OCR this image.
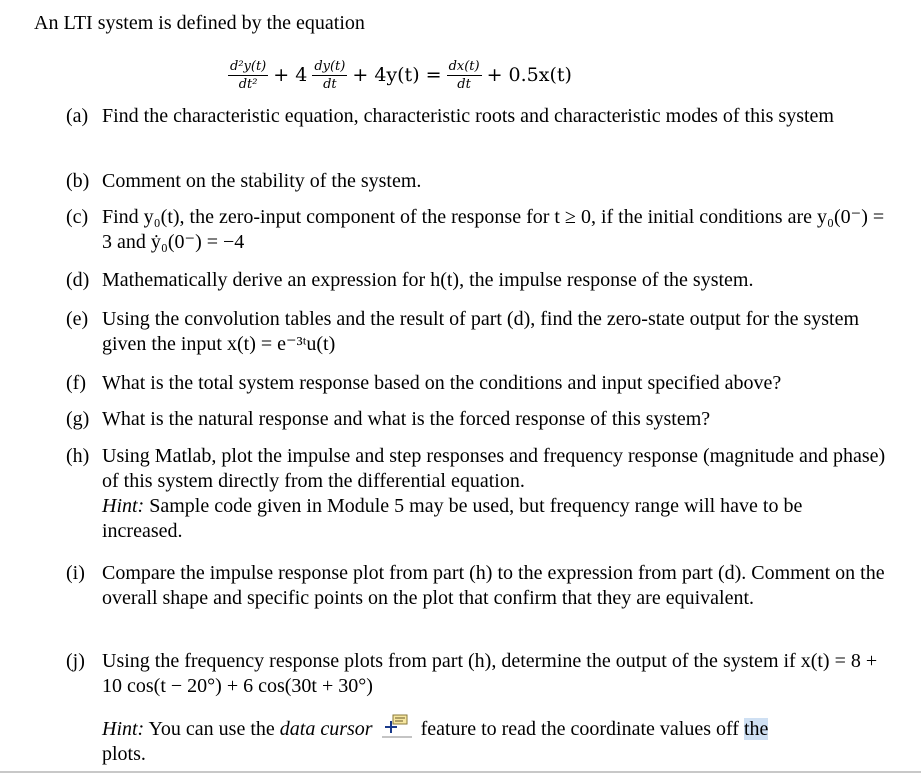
An LTI system is defined by the equation
$\frac{\text{d²y(t)}}{\text{dt²}} + 4 \frac{dy(t)}{dt} + 4y(t) = \frac{dx(t)}{dt} + 0.5x(t)$
(a) Find the characteristic equation, characteristic roots and characteristic modes of this system
(b) Comment on the stability of the system.
(c) Find y₀(t), the zero-input component of the response for t ≥ 0, if the initial conditions are y₀(0⁻) = 3 and ẏ₀(0⁻) = −4
(d) Mathematically derive an expression for h(t), the impulse response of the system.
(e) Using the convolution tables and the result of part (d), find the zero-state output for the system given the input x(t) = e⁻³ᵗu(t)
(f) What is the total system response based on the conditions and input specified above?
(g) What is the natural response and what is the forced response of this system?
(h) Using Matlab, plot the impulse and step responses and frequency response (magnitude and phase) of this system directly from the differential equation.
Hint: Sample code given in Module 5 may be used, but frequency range will have to be increased.
(i) Compare the impulse response plot from part (h) to the expression from part (d). Comment on the overall shape and specific points on the plot that confirm that they are equivalent.
(j) Using the frequency response plots from part (h), determine the output of the system if x(t) = 8 + 10 cos(t − 20°) + 6 cos(30t + 30°)
Hint: You can use the data cursor feature to read the coordinate values off the
plots.
